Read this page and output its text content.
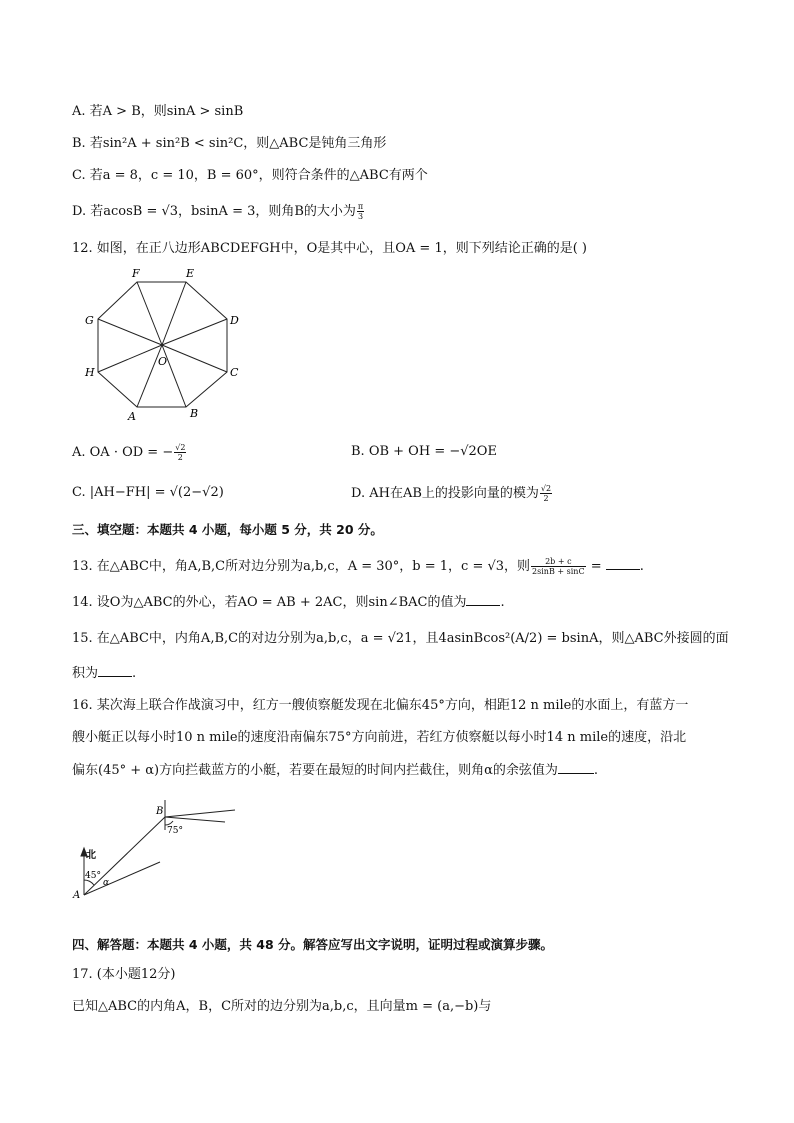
A. 若A > B，则sinA > sinB
B. 若sin²A + sin²B < sin²C，则△ABC是钝角三角形
C. 若a = 8，c = 10，B = 60°，则符合条件的△ABC有两个
D. 若acosB = √3，bsinA = 3，则角B的大小为 $\frac{\pi}{3}$
12. 如图，在正八边形ABCDEFGH中，O是其中心，且OA = 1，则下列结论正确的是( )
F	E
G	D
H	C
A	B
O
A. OA · OD = − $\frac{√2}{2}$	B. OB + OH = −√2OE
C. |AH−FH| = √(2−√2)	D. AH在AB上的投影向量的模为 $\frac{√2}{2}$
三、填空题：本题共 4 小题，每小题 5 分，共 20 分。
13. 在△ABC中，角A,B,C所对边分别为a,b,c，A = 30°，b = 1，c = √3，则 $\frac{2b + c}{2\sin B + \sin C}$ =	.
14. 设O为△ABC的外心，若AO = AB + 2AC，则sin∠BAC的值为	.
15. 在△ABC中，内角A,B,C的对边分别为a,b,c，a = √21，且4asinBcos²(A/2) = bsinA，则△ABC外接圆的面
积为	.
16. 某次海上联合作战演习中，红方一艘侦察艇发现在北偏东45°方向，相距12 n mile的水面上，有蓝方一
艘小艇正以每小时10 n mile的速度沿南偏东75°方向前进，若红方侦察艇以每小时14 n mile的速度，沿北
偏东(45° + α)方向拦截蓝方的小艇，若要在最短的时间内拦截住，则角α的余弦值为	.
北
45°
α
75°
A
B
四、解答题：本题共 4 小题，共 48 分。解答应写出文字说明，证明过程或演算步骤。
17. (本小题12分)
已知△ABC的内角A，B，C所对的边分别为a,b,c，且向量m = (a,−b)与
